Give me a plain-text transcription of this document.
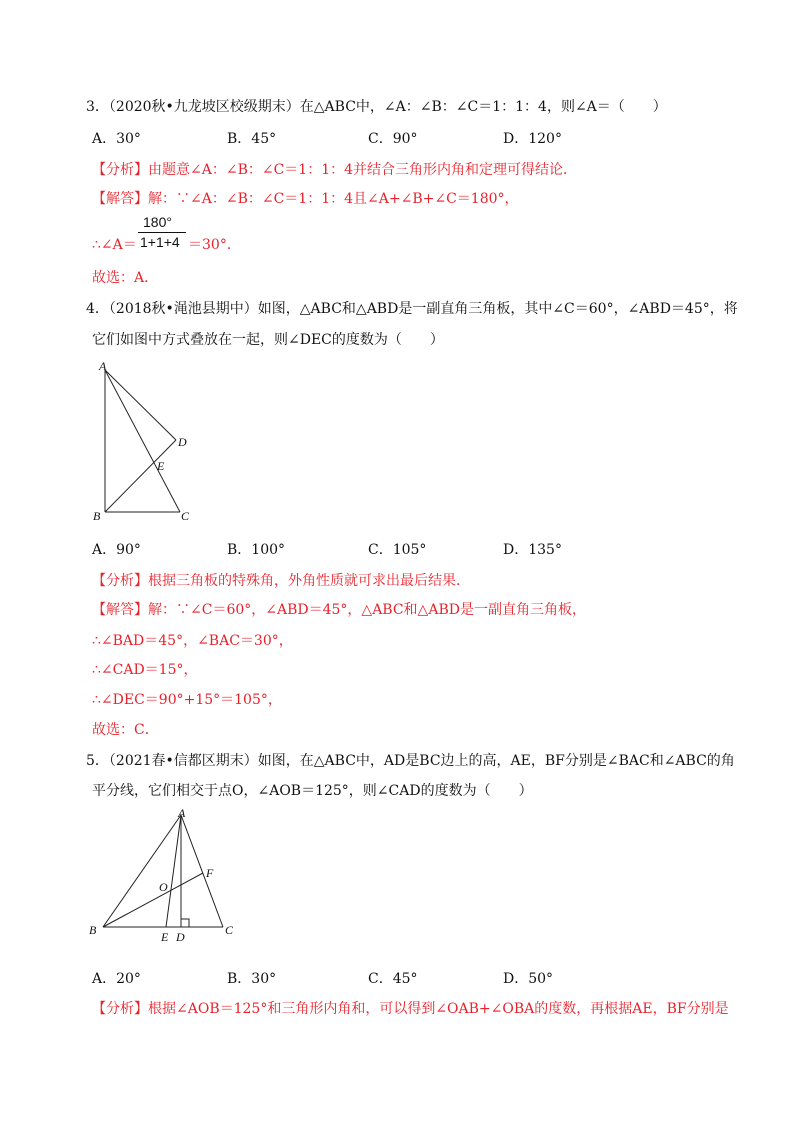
3．（2020秋•九龙坡区校级期末）在△ABC中，∠A：∠B：∠C＝1：1：4，则∠A＝（　　）
A．30°	B．45°	C．90°	D．120°
【分析】由题意∠A：∠B：∠C＝1：1：4并结合三角形内角和定理可得结论．
【解答】解：∵∠A：∠B：∠C＝1：1：4且∠A+∠B+∠C＝180°，
180°
1+1+4
∴∠A＝	＝30°．
故选：A．
4．（2018秋•渑池县期中）如图，△ABC和△ABD是一副直角三角板，其中∠C＝60°，∠ABD＝45°，将
它们如图中方式叠放在一起，则∠DEC的度数为（　　）
A
B	C
D
E
A．90°	B．100°	C．105°	D．135°
【分析】根据三角板的特殊角，外角性质就可求出最后结果．
【解答】解：∵∠C＝60°，∠ABD＝45°，△ABC和△ABD是一副直角三角板，
∴∠BAD＝45°，∠BAC＝30°，
∴∠CAD＝15°，
∴∠DEC＝90°+15°＝105°，
故选：C．
5．（2021春•信都区期末）如图，在△ABC中，AD是BC边上的高，AE，BF分别是∠BAC和∠ABC的角
平分线，它们相交于点O，∠AOB＝125°，则∠CAD的度数为（　　）
A
B	C
D
E
F
O
A．20°	B．30°	C．45°	D．50°
【分析】根据∠AOB＝125°和三角形内角和，可以得到∠OAB+∠OBA的度数，再根据AE，BF分别是
